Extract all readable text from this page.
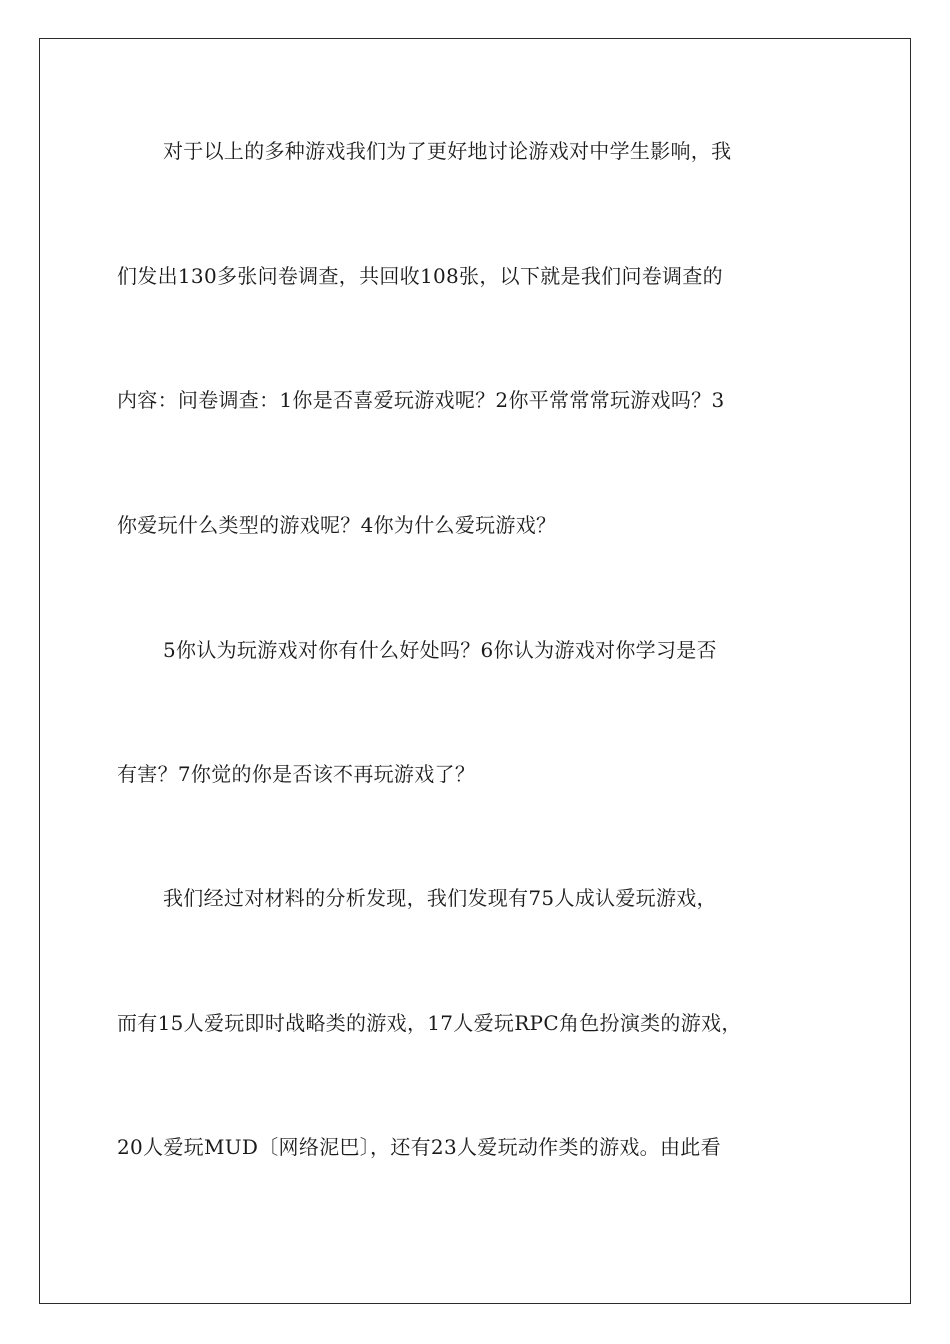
对于以上的多种游戏我们为了更好地讨论游戏对中学生影响，我

们发出130多张问卷调查，共回收108张，以下就是我们问卷调查的

内容：问卷调查：1你是否喜爱玩游戏呢？2你平常常常玩游戏吗？3

你爱玩什么类型的游戏呢？4你为什么爱玩游戏？

5你认为玩游戏对你有什么好处吗？6你认为游戏对你学习是否

有害？7你觉的你是否该不再玩游戏了？

我们经过对材料的分析发现，我们发现有75人成认爱玩游戏，

而有15人爱玩即时战略类的游戏，17人爱玩RPC角色扮演类的游戏，

20人爱玩MUD〔网络泥巴〕，还有23人爱玩动作类的游戏。由此看
